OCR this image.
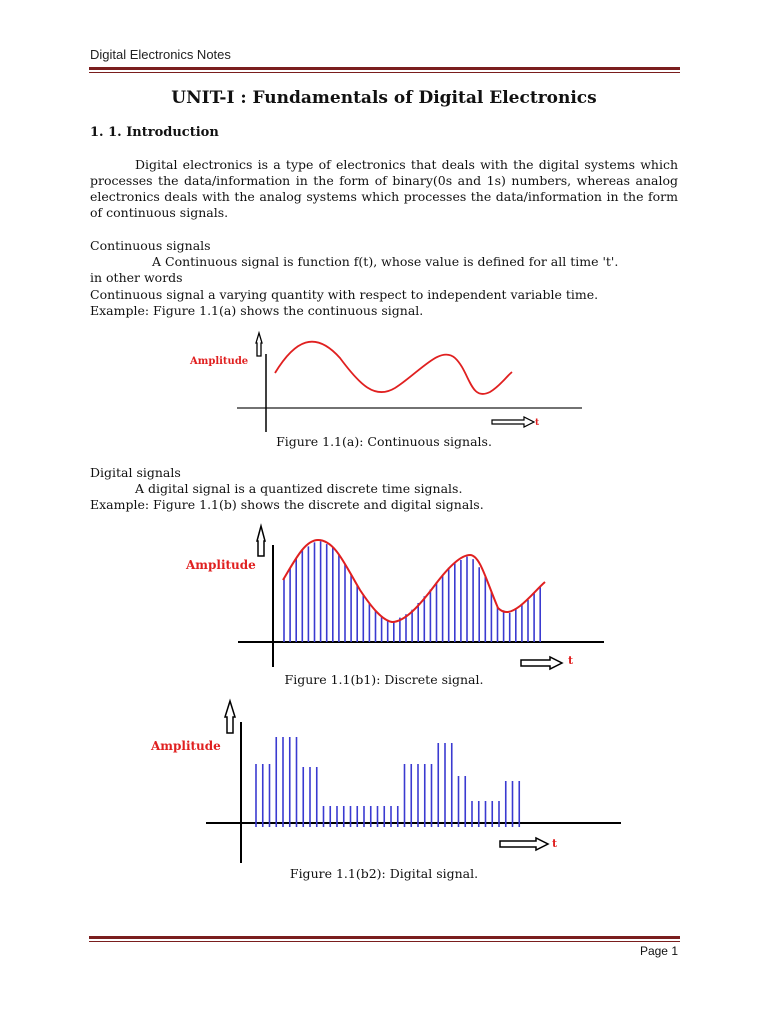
Digital Electronics Notes
UNIT-I : Fundamentals of Digital Electronics
1. 1. Introduction
Digital electronics is a type of electronics that deals with the digital systems which processes the data/information in the form of binary(0s and 1s) numbers, whereas analog electronics deals with the analog systems which processes the data/information in the form of continuous signals.
Continuous signals
A Continuous signal is function f(t), whose value is defined for all time 't'.
in other words
Continuous signal a varying quantity with respect to independent variable time.
Example: Figure 1.1(a) shows the continuous signal.
Figure 1.1(a): Continuous signals.
Digital signals
A digital signal is a quantized discrete time signals.
Example: Figure 1.1(b) shows the discrete and digital signals.
Figure 1.1(b1): Discrete signal.
Figure 1.1(b2): Digital signal.
Amplitude
t
Amplitude
t
Amplitude
t
Page 1
